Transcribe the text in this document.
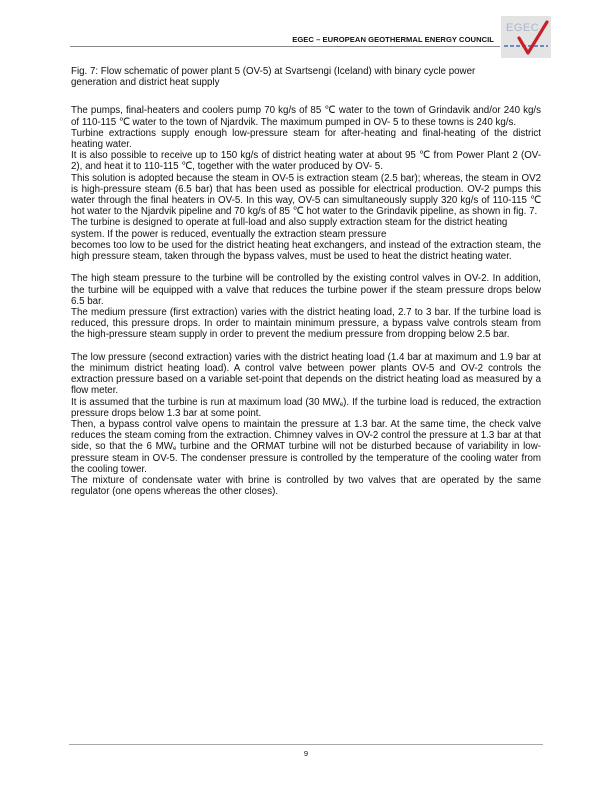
EGEC – EUROPEAN GEOTHERMAL ENERGY COUNCIL
EGEC

Fig. 7: Flow schematic of power plant 5 (OV-5) at Svartsengi (Iceland) with binary cycle power
generation and district heat supply

The pumps, final-heaters and coolers pump 70 kg/s of 85 ℃ water to the town of Grindavik and/or 240 kg/s of 110-115 ℃ water to the town of Njardvik. The maximum pumped in OV- 5 to these towns is 240 kg/s.

Turbine extractions supply enough low-pressure steam for after-heating and final-heating of the district heating water.

It is also possible to receive up to 150 kg/s of district heating water at about 95 ℃ from Power Plant 2 (OV-2), and heat it to 110-115 ℃, together with the water produced by OV- 5.

This solution is adopted because the steam in OV-5 is extraction steam (2.5 bar); whereas, the steam in OV2 is high-pressure steam (6.5 bar) that has been used as possible for electrical production. OV-2 pumps this water through the final heaters in OV-5. In this way, OV-5 can simultaneously supply 320 kg/s of 110-115 ℃ hot water to the Njardvik pipeline and 70 kg/s of 85 ℃ hot water to the Grindavik pipeline, as shown in fig. 7.

The turbine is designed to operate at full-load and also supply extraction steam for the district heating system. If the power is reduced, eventually the extraction steam pressure

becomes too low to be used for the district heating heat exchangers, and instead of the extraction steam, the high pressure steam, taken through the bypass valves, must be used to heat the district heating water.

The high steam pressure to the turbine will be controlled by the existing control valves in OV-2. In addition, the turbine will be equipped with a valve that reduces the turbine power if the steam pressure drops below 6.5 bar.

The medium pressure (first extraction) varies with the district heating load, 2.7 to 3 bar. If the turbine load is reduced, this pressure drops. In order to maintain minimum pressure, a bypass valve controls steam from the high-pressure steam supply in order to prevent the medium pressure from dropping below 2.5 bar.

The low pressure (second extraction) varies with the district heating load (1.4 bar at maximum and 1.9 bar at the minimum district heating load). A control valve between power plants OV-5 and OV-2 controls the extraction pressure based on a variable set-point that depends on the district heating load as measured by a flow meter.

It is assumed that the turbine is run at maximum load (30 $MW_e$). If the turbine load is reduced, the extraction pressure drops below 1.3 bar at some point.

Then, a bypass control valve opens to maintain the pressure at 1.3 bar. At the same time, the check valve reduces the steam coming from the extraction. Chimney valves in OV-2 control the pressure at 1.3 bar at that side, so that the 6 $MW_e$ turbine and the ORMAT turbine will not be disturbed because of variability in low-pressure steam in OV-5. The condenser pressure is controlled by the temperature of the cooling water from the cooling tower.

The mixture of condensate water with brine is controlled by two valves that are operated by the same regulator (one opens whereas the other closes).

9
